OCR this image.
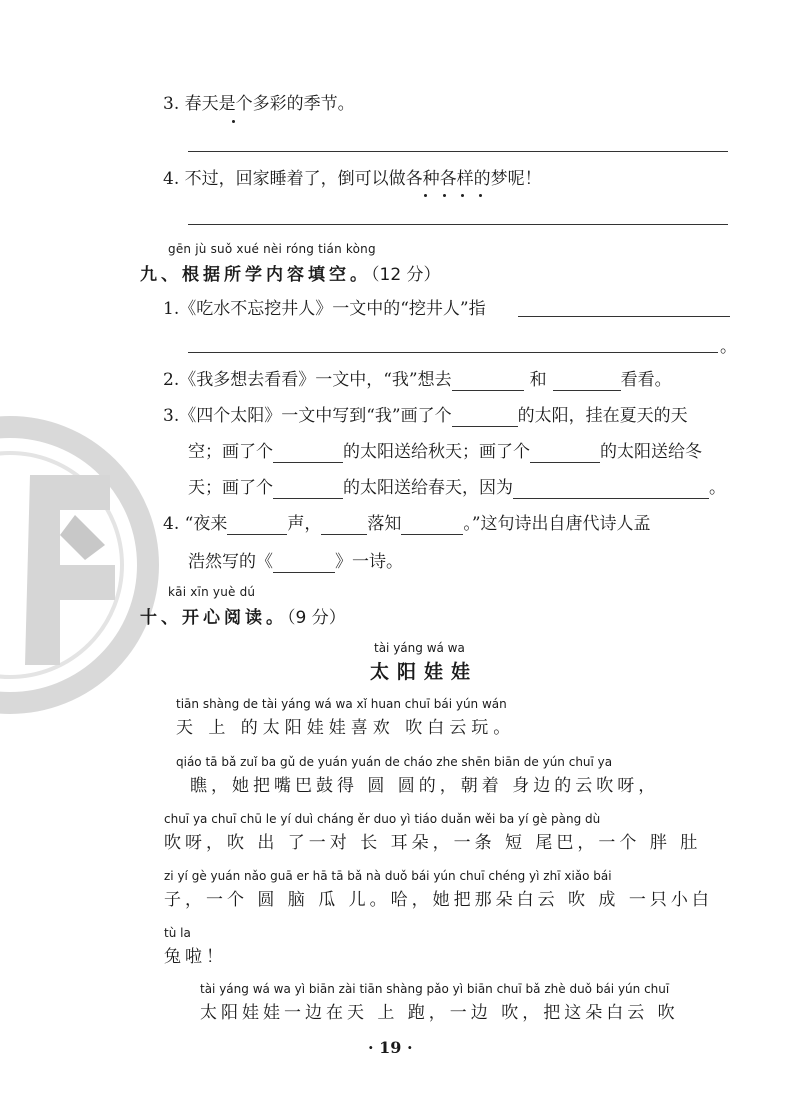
3. 春天是个多彩的季节。
4. 不过，回家睡着了，倒可以做各种各样的梦呢！
gēn jù suǒ xué nèi róng tián kòng
九、根据所学内容填空。（12 分）
1.《吃水不忘挖井人》一文中的“挖井人”指
。
2.《我多想去看看》一文中，“我”想去	和	看看。
3.《四个太阳》一文中写到“我”画了个	的太阳，挂在夏天的天
空；画了个	的太阳送给秋天；画了个	的太阳送给冬
天；画了个	的太阳送给春天，因为	。
4. “夜来	声，	落知	。”这句诗出自唐代诗人孟
浩然写的《	》一诗。
kāi xīn yuè dú
十、开心阅读。（9 分）
tài yáng wá wa
太阳娃娃
tiān shàng de tài yáng wá wa xǐ huan chuī bái yún wán
天 上 的太阳娃娃喜欢 吹白云玩。
qiáo tā bǎ zuǐ ba gǔ de yuán yuán de cháo zhe shēn biān de yún chuī ya
瞧，她把嘴巴鼓得 圆 圆的，朝着 身边的云吹呀，
chuī ya chuī chū le yí duì cháng ěr duo yì tiáo duǎn wěi ba yí gè pàng dù
吹呀，吹 出 了一对 长 耳朵，一条 短 尾巴，一个 胖 肚
zi yí gè yuán nǎo guā er hā tā bǎ nà duǒ bái yún chuī chéng yì zhī xiǎo bái
子，一个 圆 脑 瓜 儿。哈，她把那朵白云 吹 成 一只小白
tù la
兔啦！
tài yáng wá wa yì biān zài tiān shàng pǎo yì biān chuī bǎ zhè duǒ bái yún chuī
太阳娃娃一边在天 上 跑，一边 吹，把这朵白云 吹
· 19 ·
